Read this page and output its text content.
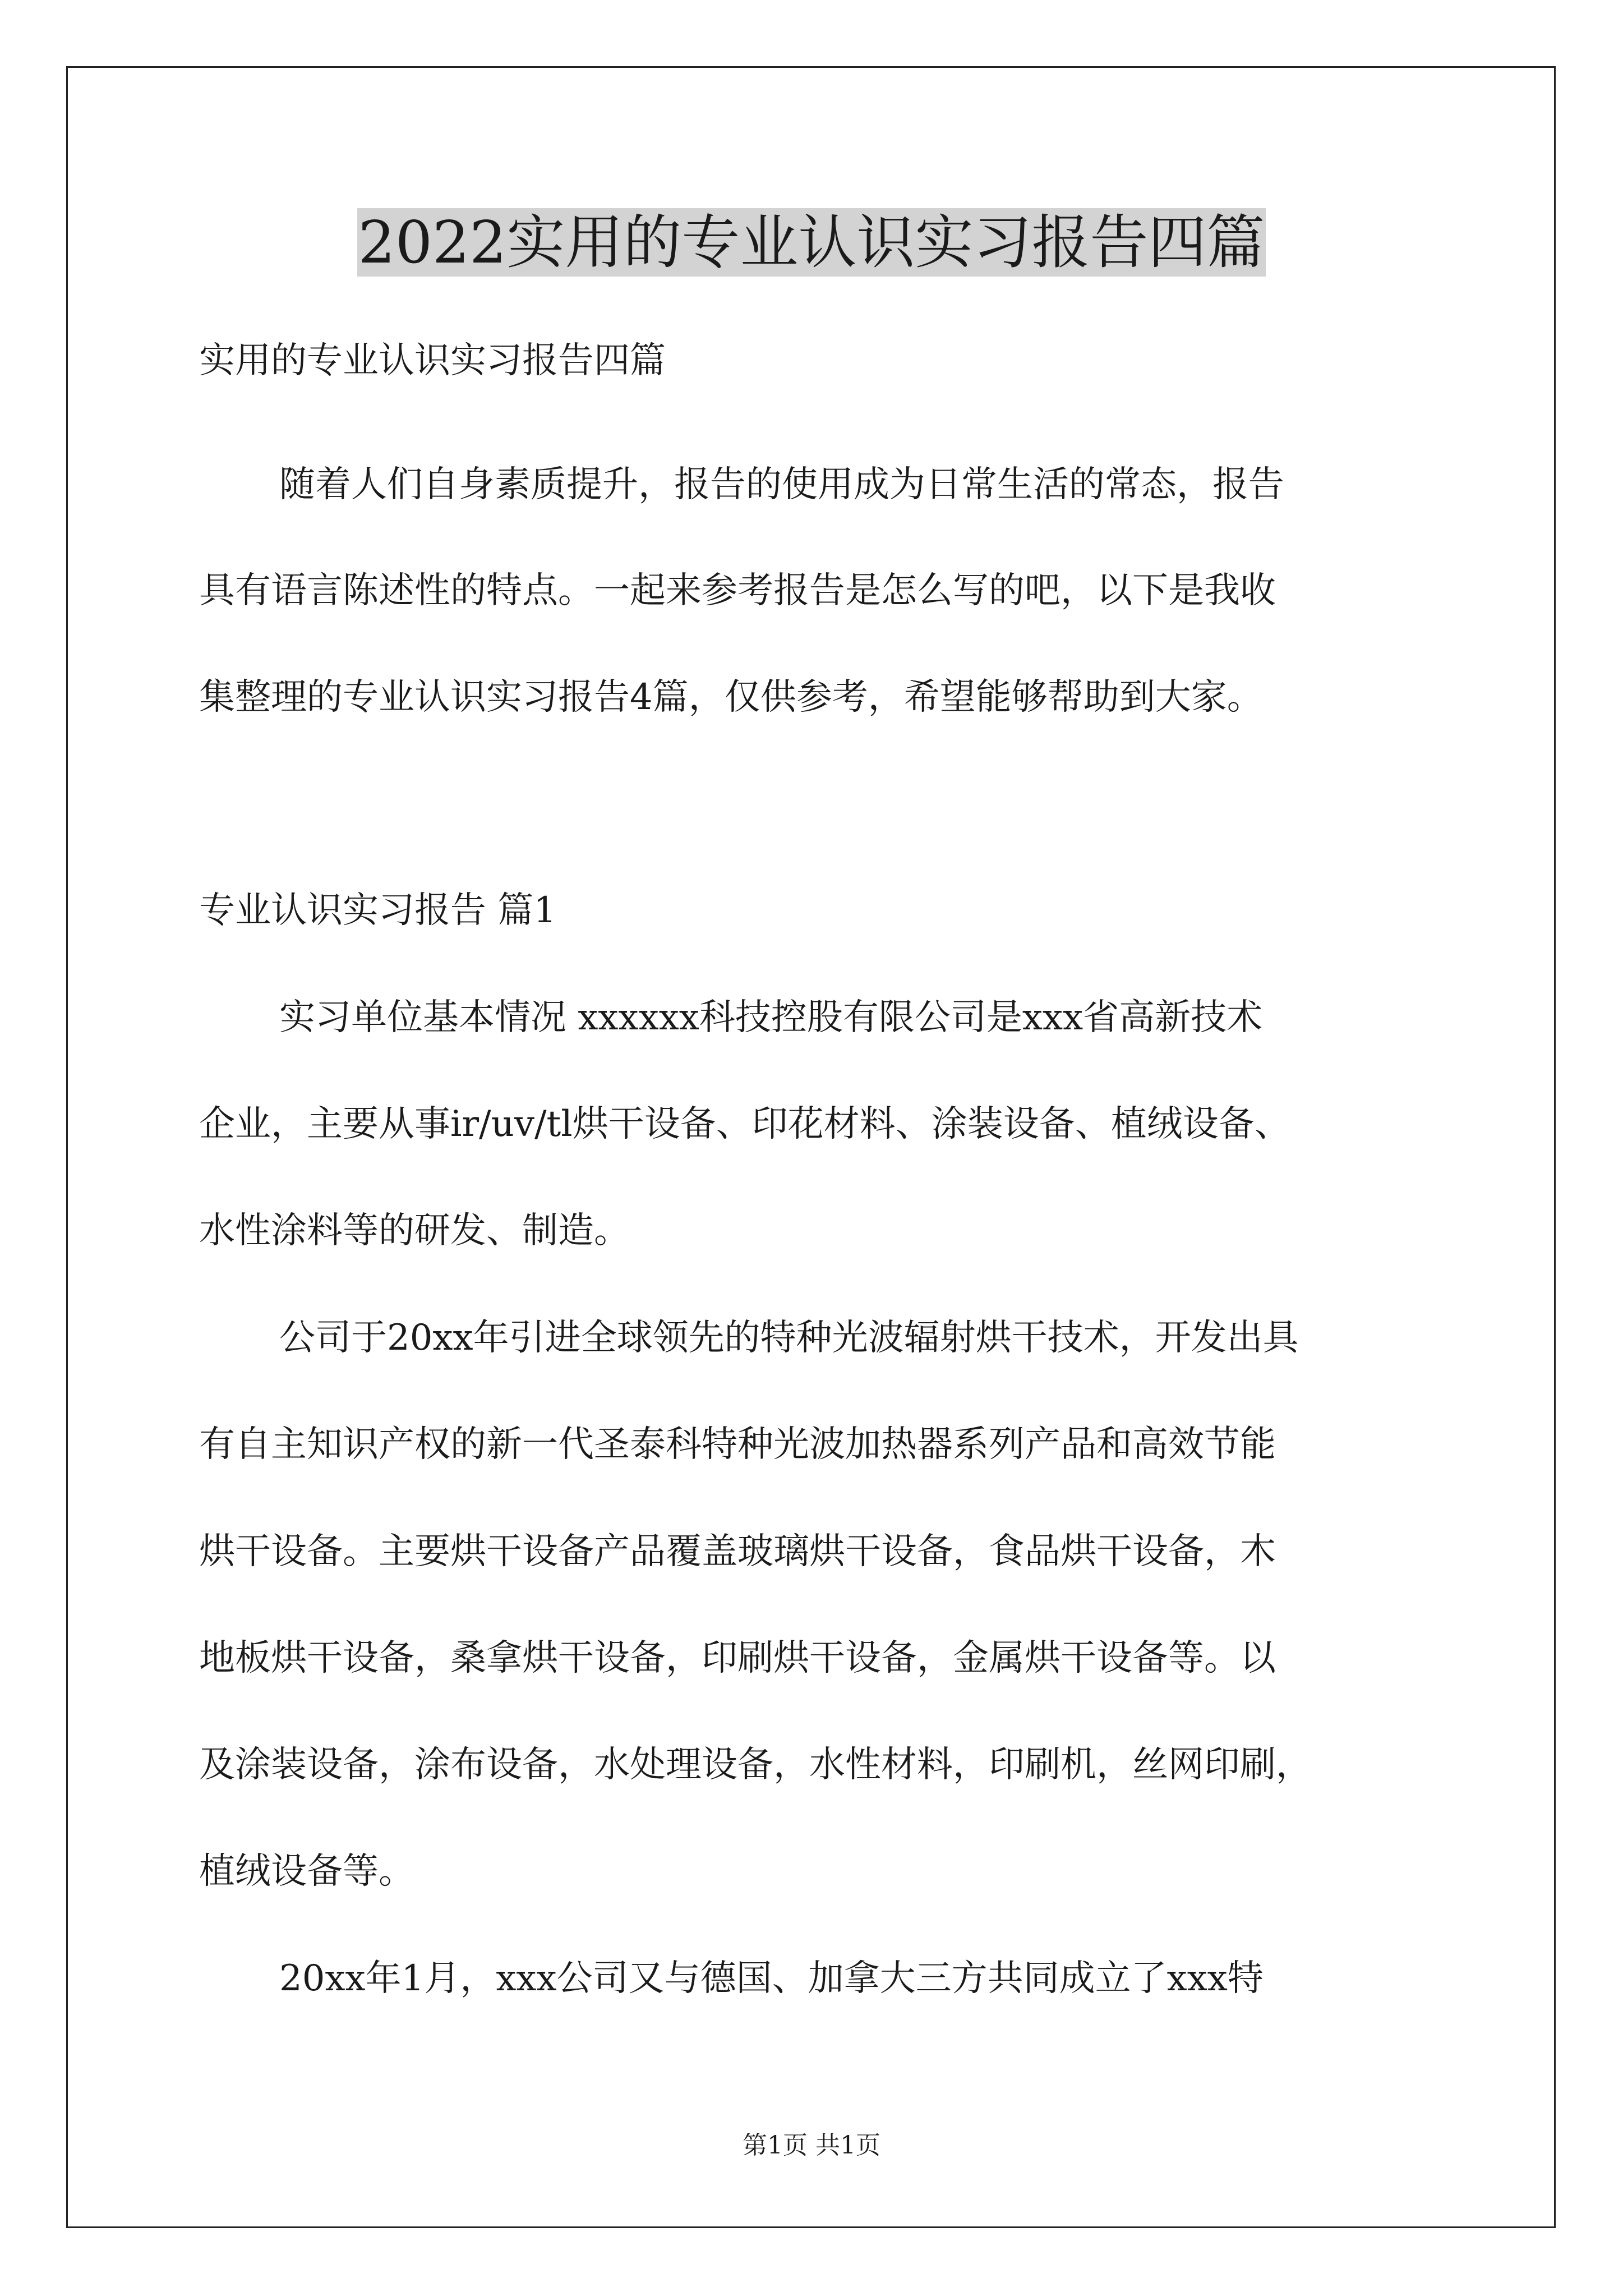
2022实用的专业认识实习报告四篇

实用的专业认识实习报告四篇

随着人们自身素质提升，报告的使用成为日常生活的常态，报告

具有语言陈述性的特点。一起来参考报告是怎么写的吧，以下是我收

集整理的专业认识实习报告4篇，仅供参考，希望能够帮助到大家。

专业认识实习报告 篇1

实习单位基本情况 xxxxxx科技控股有限公司是xxx省高新技术

企业，主要从事ir/uv/tl烘干设备、印花材料、涂装设备、植绒设备、

水性涂料等的研发、制造。

公司于20xx年引进全球领先的特种光波辐射烘干技术，开发出具

有自主知识产权的新一代圣泰科特种光波加热器系列产品和高效节能

烘干设备。主要烘干设备产品覆盖玻璃烘干设备，食品烘干设备，木

地板烘干设备，桑拿烘干设备，印刷烘干设备，金属烘干设备等。以

及涂装设备，涂布设备，水处理设备，水性材料，印刷机，丝网印刷，

植绒设备等。

20xx年1月，xxx公司又与德国、加拿大三方共同成立了xxx特

第1页 共1页
